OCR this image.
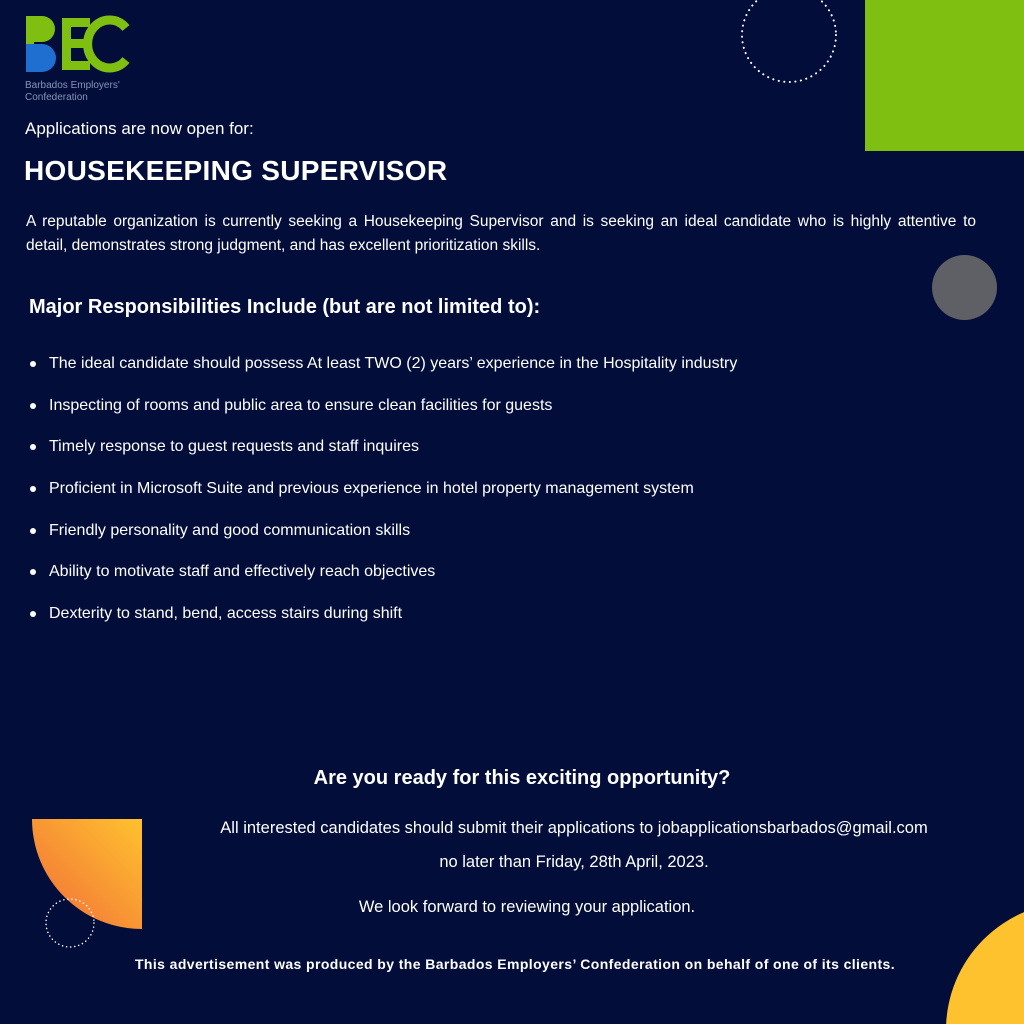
Barbados Employers'
Confederation
Applications are now open for:
HOUSEKEEPING SUPERVISOR
A reputable organization is currently seeking a Housekeeping Supervisor and is seeking an ideal candidate who is highly attentive to detail, demonstrates strong judgment, and has excellent prioritization skills.
Major Responsibilities Include (but are not limited to):
The ideal candidate should possess At least TWO (2) years’ experience in the Hospitality industry
Inspecting of rooms and public area to ensure clean facilities for guests
Timely response to guest requests and staff inquires
Proficient in Microsoft Suite and previous experience in hotel property management system
Friendly personality and good communication skills
Ability to motivate staff and effectively reach objectives
Dexterity to stand, bend, access stairs during shift
Are you ready for this exciting opportunity?
All interested candidates should submit their applications to jobapplicationsbarbados@gmail.com
no later than Friday, 28th April, 2023.
We look forward to reviewing your application.
This advertisement was produced by the Barbados Employers’ Confederation on behalf of one of its clients.
